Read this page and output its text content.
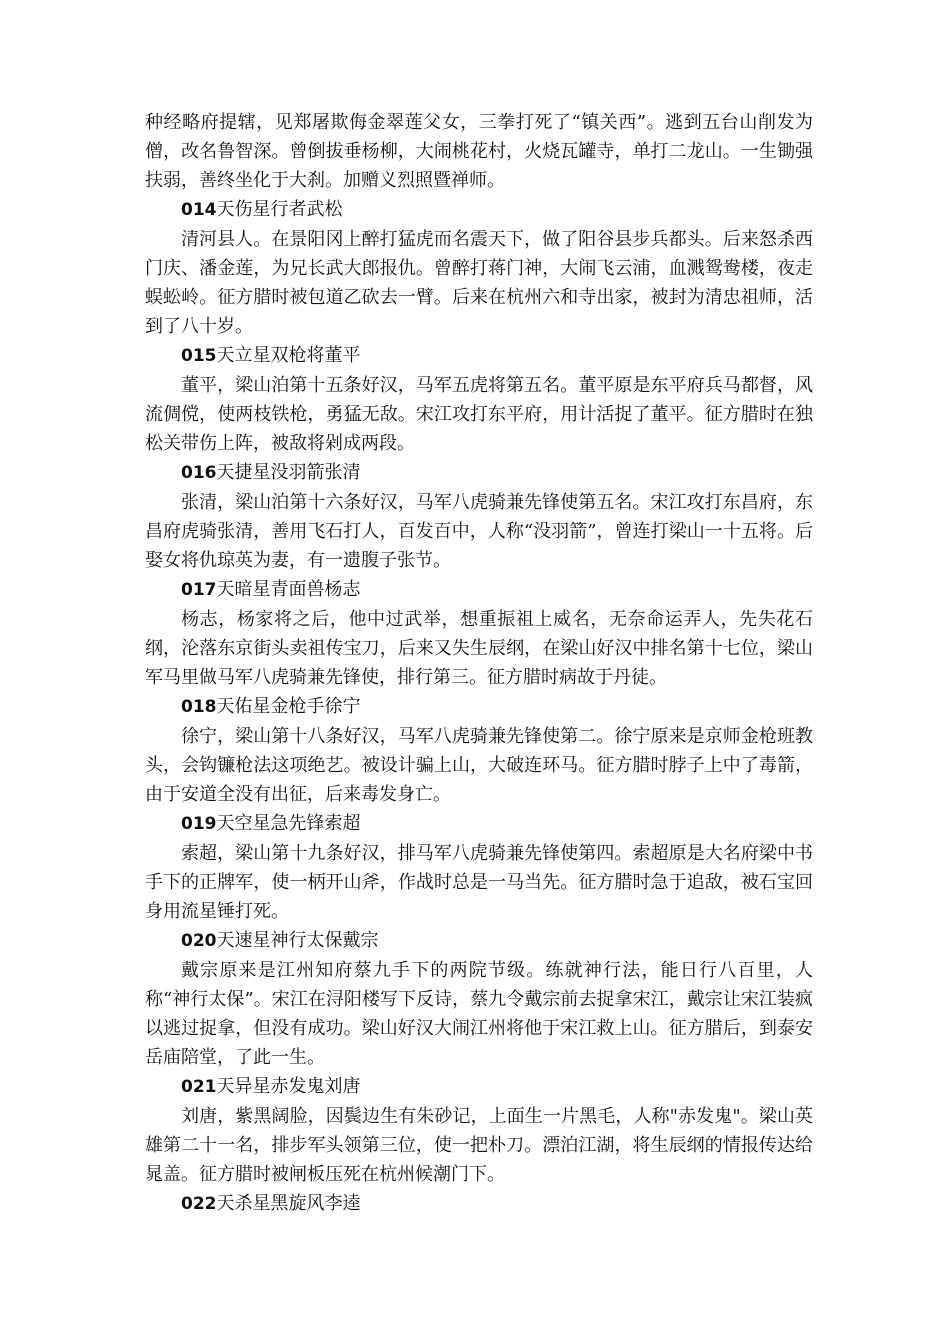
种经略府提辖，见郑屠欺侮金翠莲父女，三拳打死了“镇关西”。逃到五台山削发为僧，改名鲁智深。曾倒拔垂杨柳，大闹桃花村，火烧瓦罐寺，单打二龙山。一生锄强扶弱，善终坐化于大刹。加赠义烈照暨禅师。

014天伤星行者武松

清河县人。在景阳冈上醉打猛虎而名震天下，做了阳谷县步兵都头。后来怒杀西门庆、潘金莲，为兄长武大郎报仇。曾醉打蒋门神，大闹飞云浦，血溅鸳鸯楼，夜走蜈蚣岭。征方腊时被包道乙砍去一臂。后来在杭州六和寺出家，被封为清忠祖师，活到了八十岁。

015天立星双枪将董平

董平，梁山泊第十五条好汉，马军五虎将第五名。董平原是东平府兵马都督，风流倜傥，使两枝铁枪，勇猛无敌。宋江攻打东平府，用计活捉了董平。征方腊时在独松关带伤上阵，被敌将剁成两段。

016天捷星没羽箭张清

张清，梁山泊第十六条好汉，马军八虎骑兼先锋使第五名。宋江攻打东昌府，东昌府虎骑张清，善用飞石打人，百发百中，人称“没羽箭”，曾连打梁山一十五将。后娶女将仇琼英为妻，有一遗腹子张节。

017天暗星青面兽杨志

杨志，杨家将之后，他中过武举，想重振祖上威名，无奈命运弄人，先失花石纲，沦落东京街头卖祖传宝刀，后来又失生辰纲，在梁山好汉中排名第十七位，梁山军马里做马军八虎骑兼先锋使，排行第三。征方腊时病故于丹徒。

018天佑星金枪手徐宁

徐宁，梁山第十八条好汉，马军八虎骑兼先锋使第二。徐宁原来是京师金枪班教头，会钩镰枪法这项绝艺。被设计骗上山，大破连环马。征方腊时脖子上中了毒箭，由于安道全没有出征，后来毒发身亡。

019天空星急先锋索超

索超，梁山第十九条好汉，排马军八虎骑兼先锋使第四。索超原是大名府梁中书手下的正牌军，使一柄开山斧，作战时总是一马当先。征方腊时急于追敌，被石宝回身用流星锤打死。

020天速星神行太保戴宗

戴宗原来是江州知府蔡九手下的两院节级。练就神行法，能日行八百里，人称“神行太保”。宋江在浔阳楼写下反诗，蔡九令戴宗前去捉拿宋江，戴宗让宋江装疯以逃过捉拿，但没有成功。梁山好汉大闹江州将他于宋江救上山。征方腊后，到泰安岳庙陪堂，了此一生。

021天异星赤发鬼刘唐

刘唐，紫黑阔脸，因鬓边生有朱砂记，上面生一片黑毛，人称"赤发鬼"。梁山英雄第二十一名，排步军头领第三位，使一把朴刀。漂泊江湖，将生辰纲的情报传达给晁盖。征方腊时被闸板压死在杭州候潮门下。

022天杀星黑旋风李逵
